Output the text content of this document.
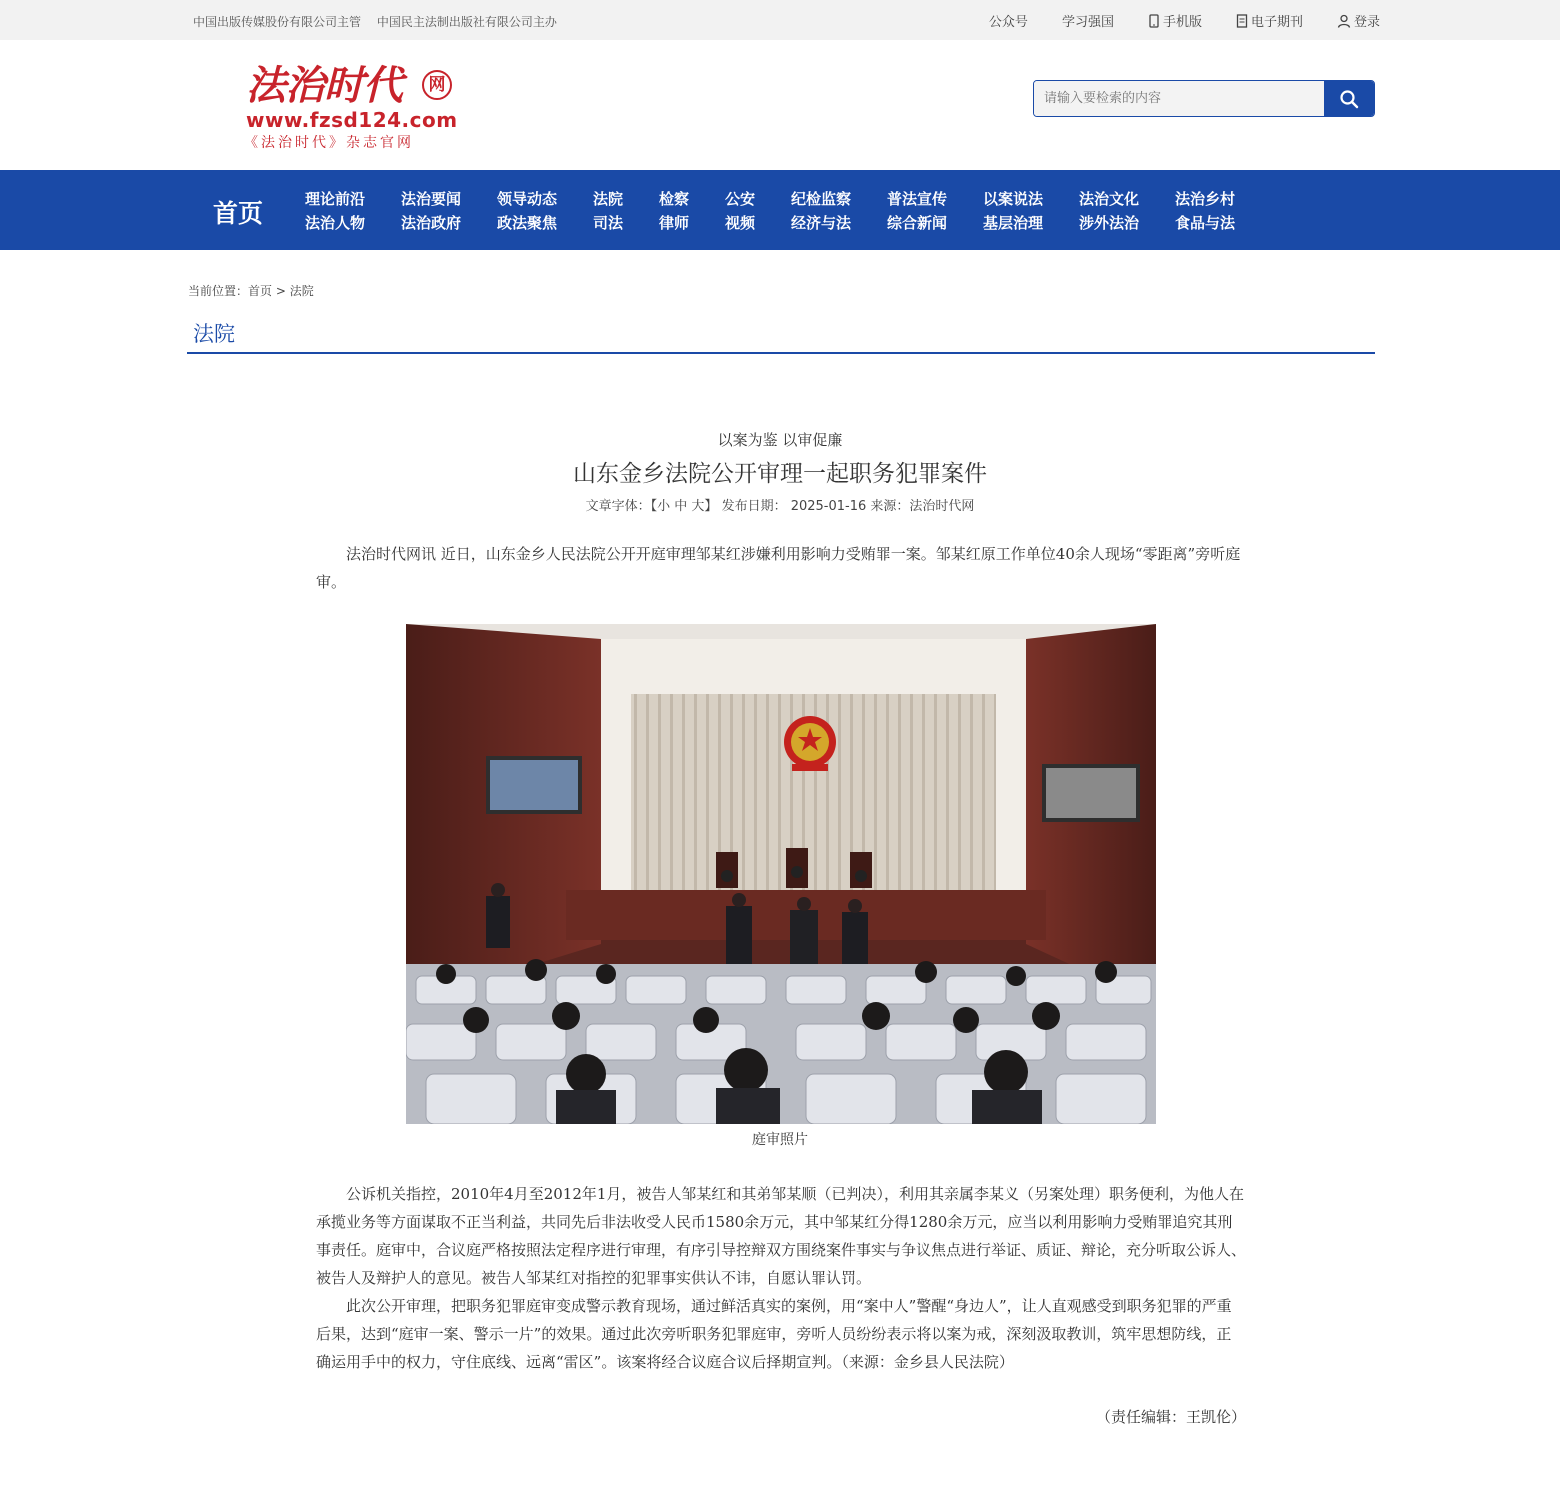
中国出版传媒股份有限公司主管 中国民主法制出版社有限公司主办	公众号	学习强国	手机版	电子期刊	登录
法治时代	网
www.fzsd124.com
《法治时代》杂志官网
请输入要检索的内容
首页	理论前沿
法治人物
法治要闻
法治政府
领导动态
政法聚焦
法院
司法
检察
律师
公安
视频
纪检监察
经济与法
普法宣传
综合新闻
以案说法
基层治理
法治文化
涉外法治
法治乡村
食品与法
当前位置：首页 > 法院
法院
以案为鉴 以审促廉
山东金乡法院公开审理一起职务犯罪案件
文章字体：【小 中 大】 发布日期： 2025-01-16 来源：法治时代网
法治时代网讯 近日，山东金乡人民法院公开开庭审理邹某红涉嫌利用影响力受贿罪一案。邹某红原工作单位40余人现场“零距离”旁听庭审。
庭审照片
公诉机关指控，2010年4月至2012年1月，被告人邹某红和其弟邹某顺（已判决），利用其亲属李某义（另案处理）职务便利，为他人在承揽业务等方面谋取不正当利益，共同先后非法收受人民币1580余万元，其中邹某红分得1280余万元，应当以利用影响力受贿罪追究其刑事责任。庭审中，合议庭严格按照法定程序进行审理，有序引导控辩双方围绕案件事实与争议焦点进行举证、质证、辩论，充分听取公诉人、被告人及辩护人的意见。被告人邹某红对指控的犯罪事实供认不讳，自愿认罪认罚。
此次公开审理，把职务犯罪庭审变成警示教育现场，通过鲜活真实的案例，用“案中人”警醒“身边人”，让人直观感受到职务犯罪的严重后果，达到“庭审一案、警示一片”的效果。通过此次旁听职务犯罪庭审，旁听人员纷纷表示将以案为戒，深刻汲取教训，筑牢思想防线，正确运用手中的权力，守住底线、远离“雷区”。该案将经合议庭合议后择期宣判。（来源：金乡县人民法院）
（责任编辑：王凯伦）
